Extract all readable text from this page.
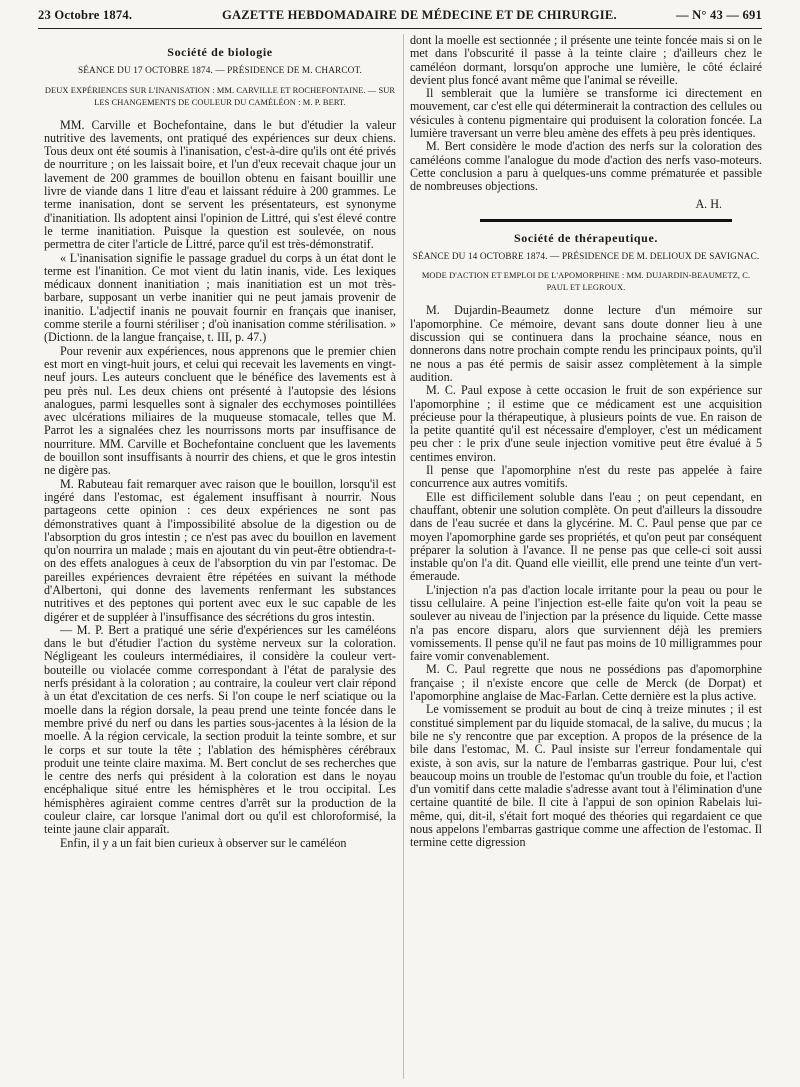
23 Octobre 1874.	GAZETTE HEBDOMADAIRE DE MÉDECINE ET DE CHIRURGIE.	— N° 43 — 691
Société de biologie
SÉANCE DU 17 OCTOBRE 1874. — PRÉSIDENCE DE M. CHARCOT.
DEUX EXPÉRIENCES SUR L'INANISATION : MM. CARVILLE ET ROCHEFONTAINE. — SUR LES CHANGEMENTS DE COULEUR DU CAMÉLÉON : M. P. BERT.

MM. Carville et Bochefontaine, dans le but d'étudier la valeur nutritive des lavements, ont pratiqué des expériences sur deux chiens. Tous deux ont été soumis à l'inanisation, c'est-à-dire qu'ils ont été privés de nourriture ; on les laissait boire, et l'un d'eux recevait chaque jour un lavement de 200 grammes de bouillon obtenu en faisant bouillir une livre de viande dans 1 litre d'eau et laissant réduire à 200 grammes. Le terme inanisation, dont se servent les présentateurs, est synonyme d'inanitiation. Ils adoptent ainsi l'opinion de Littré, qui s'est élevé contre le terme inanitiation. Puisque la question est soulevée, on nous permettra de citer l'article de Littré, parce qu'il est très-démonstratif.

« L'inanisation signifie le passage graduel du corps à un état dont le terme est l'inanition. Ce mot vient du latin inanis, vide. Les lexiques médicaux donnent inanitiation ; mais inanitiation est un mot très-barbare, supposant un verbe inanitier qui ne peut jamais provenir de inanitio. L'adjectif inanis ne pouvait fournir en français que inaniser, comme sterile a fourni stériliser ; d'où inanisation comme stérilisation. » (Dictionn. de la langue française, t. III, p. 47.)

Pour revenir aux expériences, nous apprenons que le premier chien est mort en vingt-huit jours, et celui qui recevait les lavements en vingt-neuf jours. Les auteurs concluent que le bénéfice des lavements est à peu près nul. Les deux chiens ont présenté à l'autopsie des lésions analogues, parmi lesquelles sont à signaler des ecchymoses pointillées avec ulcérations miliaires de la muqueuse stomacale, telles que M. Parrot les a signalées chez les nourrissons morts par insuffisance de nourriture. MM. Carville et Bochefontaine concluent que les lavements de bouillon sont insuffisants à nourrir des chiens, et que le gros intestin ne digère pas.

M. Rabuteau fait remarquer avec raison que le bouillon, lorsqu'il est ingéré dans l'estomac, est également insuffisant à nourrir. Nous partageons cette opinion : ces deux expériences ne sont pas démonstratives quant à l'impossibilité absolue de la digestion ou de l'absorption du gros intestin ; ce n'est pas avec du bouillon en lavement qu'on nourrira un malade ; mais en ajoutant du vin peut-être obtiendra-t-on des effets analogues à ceux de l'absorption du vin par l'estomac. De pareilles expériences devraient être répétées en suivant la méthode d'Albertoni, qui donne des lavements renfermant les substances nutritives et des peptones qui portent avec eux le suc capable de les digérer et de suppléer à l'insuffisance des sécrétions du gros intestin.

— M. P. Bert a pratiqué une série d'expériences sur les caméléons dans le but d'étudier l'action du système nerveux sur la coloration. Négligeant les couleurs intermédiaires, il considère la couleur vert-bouteille ou violacée comme correspondant à l'état de paralysie des nerfs présidant à la coloration ; au contraire, la couleur vert clair répond à un état d'excitation de ces nerfs. Si l'on coupe le nerf sciatique ou la moelle dans la région dorsale, la peau prend une teinte foncée dans le membre privé du nerf ou dans les parties sous-jacentes à la lésion de la moelle. A la région cervicale, la section produit la teinte sombre, et sur le corps et sur toute la tête ; l'ablation des hémisphères cérébraux produit une teinte claire maxima. M. Bert conclut de ses recherches que le centre des nerfs qui président à la coloration est dans le noyau encéphalique situé entre les hémisphères et le trou occipital. Les hémisphères agiraient comme centres d'arrêt sur la production de la couleur claire, car lorsque l'animal dort ou qu'il est chloroformisé, la teinte jaune clair apparaît.

Enfin, il y a un fait bien curieux à observer sur le caméléon

dont la moelle est sectionnée ; il présente une teinte foncée mais si on le met dans l'obscurité il passe à la teinte claire ; d'ailleurs chez le caméléon dormant, lorsqu'on approche une lumière, le côté éclairé devient plus foncé avant même que l'animal se réveille.

Il semblerait que la lumière se transforme ici directement en mouvement, car c'est elle qui déterminerait la contraction des cellules ou vésicules à contenu pigmentaire qui produisent la coloration foncée. La lumière traversant un verre bleu amène des effets à peu près identiques.

M. Bert considère le mode d'action des nerfs sur la coloration des caméléons comme l'analogue du mode d'action des nerfs vaso-moteurs. Cette conclusion a paru à quelques-uns comme prématurée et passible de nombreuses objections.

A. H.
Société de thérapeutique.
SÉANCE DU 14 OCTOBRE 1874. — PRÉSIDENCE DE M. DELIOUX DE SAVIGNAC.
MODE D'ACTION ET EMPLOI DE L'APOMORPHINE : MM. DUJARDIN-BEAUMETZ, C. PAUL ET LEGROUX.

M. Dujardin-Beaumetz donne lecture d'un mémoire sur l'apomorphine. Ce mémoire, devant sans doute donner lieu à une discussion qui se continuera dans la prochaine séance, nous en donnerons dans notre prochain compte rendu les principaux points, qu'il ne nous a pas été permis de saisir assez complètement à la simple audition.

M. C. Paul expose à cette occasion le fruit de son expérience sur l'apomorphine ; il estime que ce médicament est une acquisition précieuse pour la thérapeutique, à plusieurs points de vue. En raison de la petite quantité qu'il est nécessaire d'employer, c'est un médicament peu cher : le prix d'une seule injection vomitive peut être évalué à 5 centimes environ.

Il pense que l'apomorphine n'est du reste pas appelée à faire concurrence aux autres vomitifs.

Elle est difficilement soluble dans l'eau ; on peut cependant, en chauffant, obtenir une solution complète. On peut d'ailleurs la dissoudre dans de l'eau sucrée et dans la glycérine. M. C. Paul pense que par ce moyen l'apomorphine garde ses propriétés, et qu'on peut par conséquent préparer la solution à l'avance. Il ne pense pas que celle-ci soit aussi instable qu'on l'a dit. Quand elle vieillit, elle prend une teinte d'un vert-émeraude.

L'injection n'a pas d'action locale irritante pour la peau ou pour le tissu cellulaire. A peine l'injection est-elle faite qu'on voit la peau se soulever au niveau de l'injection par la présence du liquide. Cette masse n'a pas encore disparu, alors que surviennent déjà les premiers vomissements. Il pense qu'il ne faut pas moins de 10 milligrammes pour faire vomir convenablement.

M. C. Paul regrette que nous ne possédions pas d'apomorphine française ; il n'existe encore que celle de Merck (de Dorpat) et l'apomorphine anglaise de Mac-Farlan. Cette dernière est la plus active.

Le vomissement se produit au bout de cinq à treize minutes ; il est constitué simplement par du liquide stomacal, de la salive, du mucus ; la bile ne s'y rencontre que par exception. A propos de la présence de la bile dans l'estomac, M. C. Paul insiste sur l'erreur fondamentale qui existe, à son avis, sur la nature de l'embarras gastrique. Pour lui, c'est beaucoup moins un trouble de l'estomac qu'un trouble du foie, et l'action d'un vomitif dans cette maladie s'adresse avant tout à l'élimination d'une certaine quantité de bile. Il cite à l'appui de son opinion Rabelais lui-même, qui, dit-il, s'était fort moqué des théories qui regardaient ce que nous appelons l'embarras gastrique comme une affection de l'estomac. Il termine cette digression
